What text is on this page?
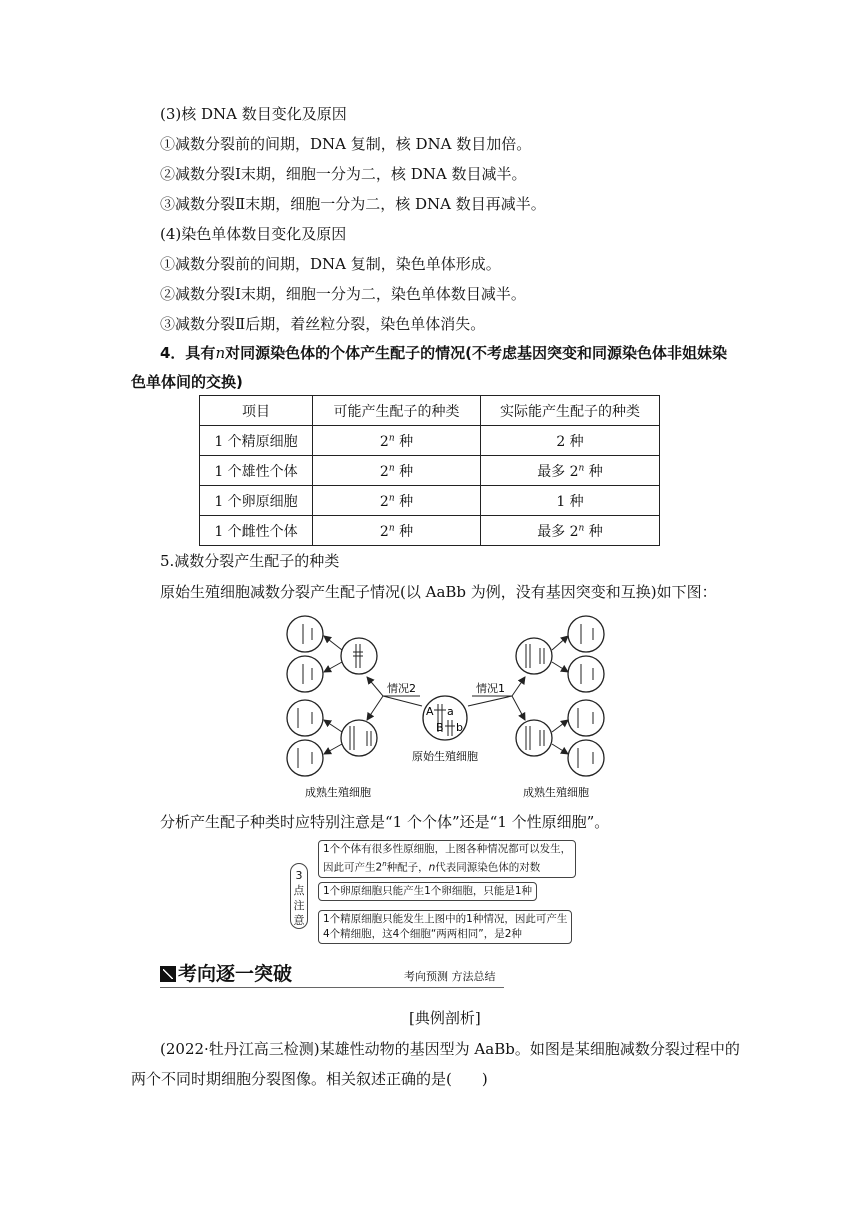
(3)核 DNA 数目变化及原因
①减数分裂前的间期，DNA 复制，核 DNA 数目加倍。
②减数分裂Ⅰ末期，细胞一分为二，核 DNA 数目减半。
③减数分裂Ⅱ末期，细胞一分为二，核 DNA 数目再减半。
(4)染色单体数目变化及原因
①减数分裂前的间期，DNA 复制，染色单体形成。
②减数分裂Ⅰ末期，细胞一分为二，染色单体数目减半。
③减数分裂Ⅱ后期，着丝粒分裂，染色单体消失。
4．具有n对同源染色体的个体产生配子的情况(不考虑基因突变和同源染色体非姐妹染
色单体间的交换)
项目	可能产生配子的种类	实际能产生配子的种类
1 个精原细胞	2$^n$ 种	2 种
1 个雄性个体	2$^n$ 种	最多 2$^n$ 种
1 个卵原细胞	2$^n$ 种	1 种
1 个雌性个体	2$^n$ 种	最多 2$^n$ 种
5.减数分裂产生配子的种类
原始生殖细胞减数分裂产生配子情况(以 AaBb 为例，没有基因突变和互换)如下图：
A a
B b
原始生殖细胞
情况2	情况1
成熟生殖细胞	成熟生殖细胞
分析产生配子种类时应特别注意是“1 个个体”还是“1 个性原细胞”。
3
点
注
意
1个个体有很多性原细胞，上图各种情况都可以发生，
因此可产生2$^n$种配子，n代表同源染色体的对数
1个卵原细胞只能产生1个卵细胞，只能是1种
1个精原细胞只能发生上图中的1种情况，因此可产生
4个精细胞，这4个细胞“两两相同”，是2种
考向逐一突破	考向预测 方法总结
[典例剖析]
(2022·牡丹江高三检测)某雄性动物的基因型为 AaBb。如图是某细胞减数分裂过程中的
两个不同时期细胞分裂图像。相关叙述正确的是(　　)
